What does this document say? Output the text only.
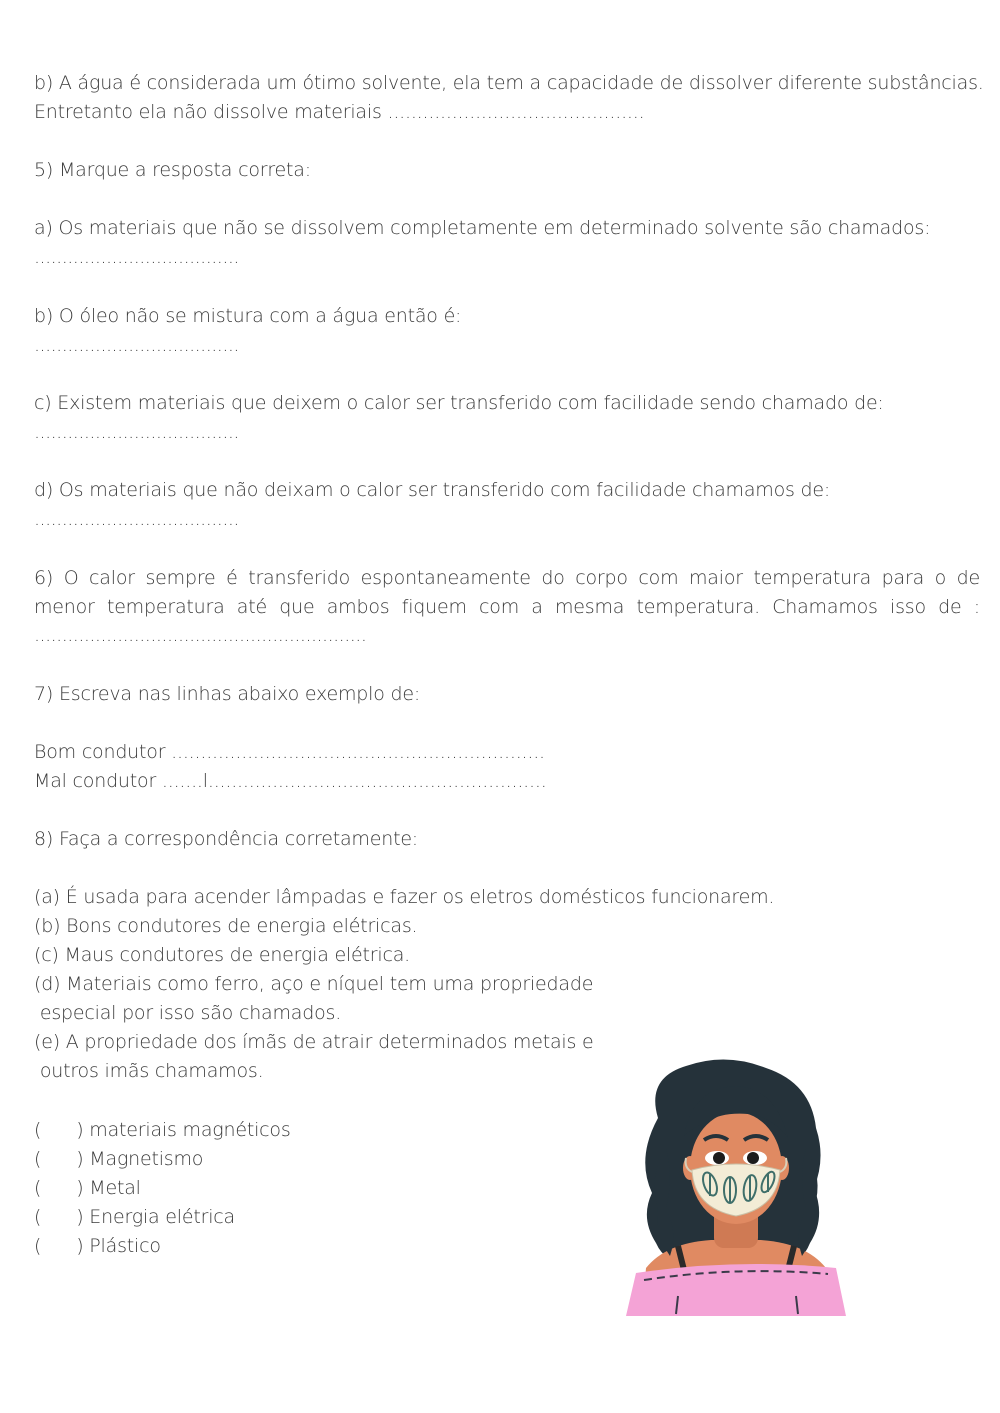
b) A água é considerada um ótimo solvente, ela tem a capacidade de dissolver diferente substâncias.
Entretanto ela não dissolve materiais ............................................
5) Marque a resposta correta:
a) Os materiais que não se dissolvem completamente em determinado solvente são chamados:
.....................................
b) O óleo não se mistura com a água então é:
.....................................
c) Existem materiais que deixem o calor ser transferido com facilidade sendo chamado de:
.....................................
d) Os materiais que não deixam o calor ser transferido com facilidade chamamos de:
.....................................
6) O calor sempre é transferido espontaneamente do corpo com maior temperatura para o de
menor temperatura até que ambos fiquem com a mesma temperatura. Chamamos isso de :
............................................................
7) Escreva nas linhas abaixo exemplo de:
Bom condutor ................................................................
Mal condutor .......l..........................................................
8) Faça a correspondência corretamente:
(a) É usada para acender lâmpadas e fazer os eletros domésticos funcionarem.
(b) Bons condutores de energia elétricas.
(c) Maus condutores de energia elétrica.
(d) Materiais como ferro, aço e níquel tem uma propriedade
especial por isso são chamados.
(e) A propriedade dos ímãs de atrair determinados metais e
outros imãs chamamos.
(      ) materiais magnéticos
(      ) Magnetismo
(      ) Metal
(      ) Energia elétrica
(      ) Plástico
